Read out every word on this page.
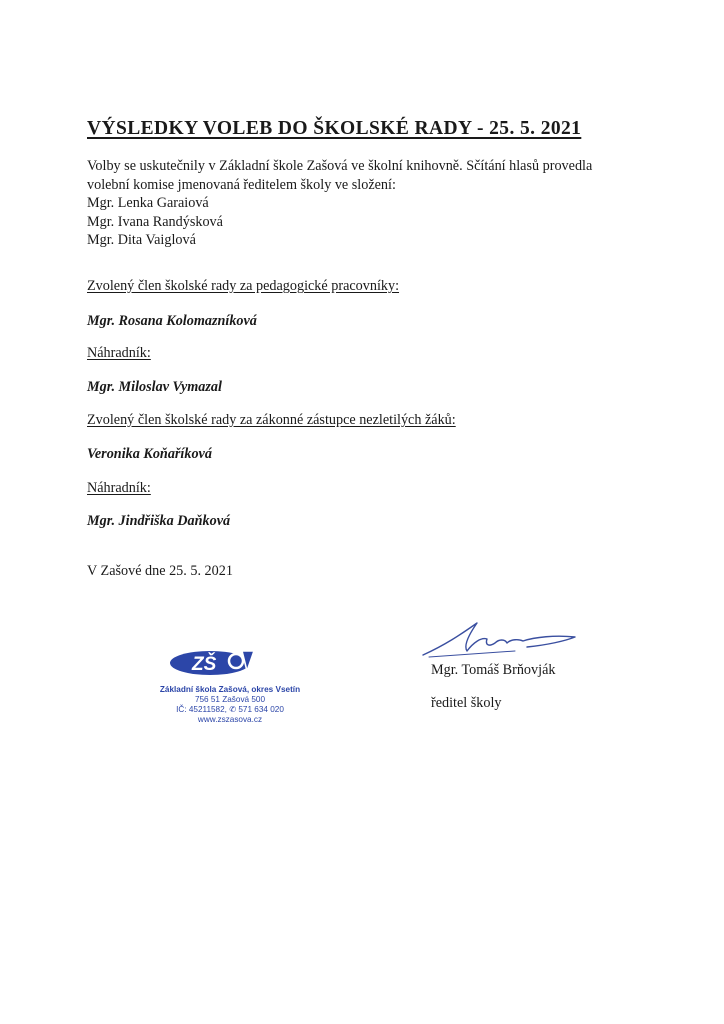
VÝSLEDKY VOLEB DO ŠKOLSKÉ RADY - 25. 5. 2021
Volby se uskutečnily v Základní škole Zašová ve školní knihovně. Sčítání hlasů provedla
volební komise jmenovaná ředitelem školy ve složení:
Mgr. Lenka Garaiová
Mgr. Ivana Randýsková
Mgr. Dita Vaiglová
Zvolený člen školské rady za pedagogické pracovníky:
Mgr. Rosana Kolomazníková
Náhradník:
Mgr. Miloslav Vymazal
Zvolený člen školské rady za zákonné zástupce nezletilých žáků:
Veronika Koňaříková
Náhradník:
Mgr. Jindřiška Daňková
V Zašové dne 25. 5. 2021
ZŠ
Základní škola Zašová, okres Vsetín
756 51 Zašová 500
IČ: 45211582, ✆ 571 634 020
www.zszasova.cz
Mgr. Tomáš Brňovják
ředitel školy
